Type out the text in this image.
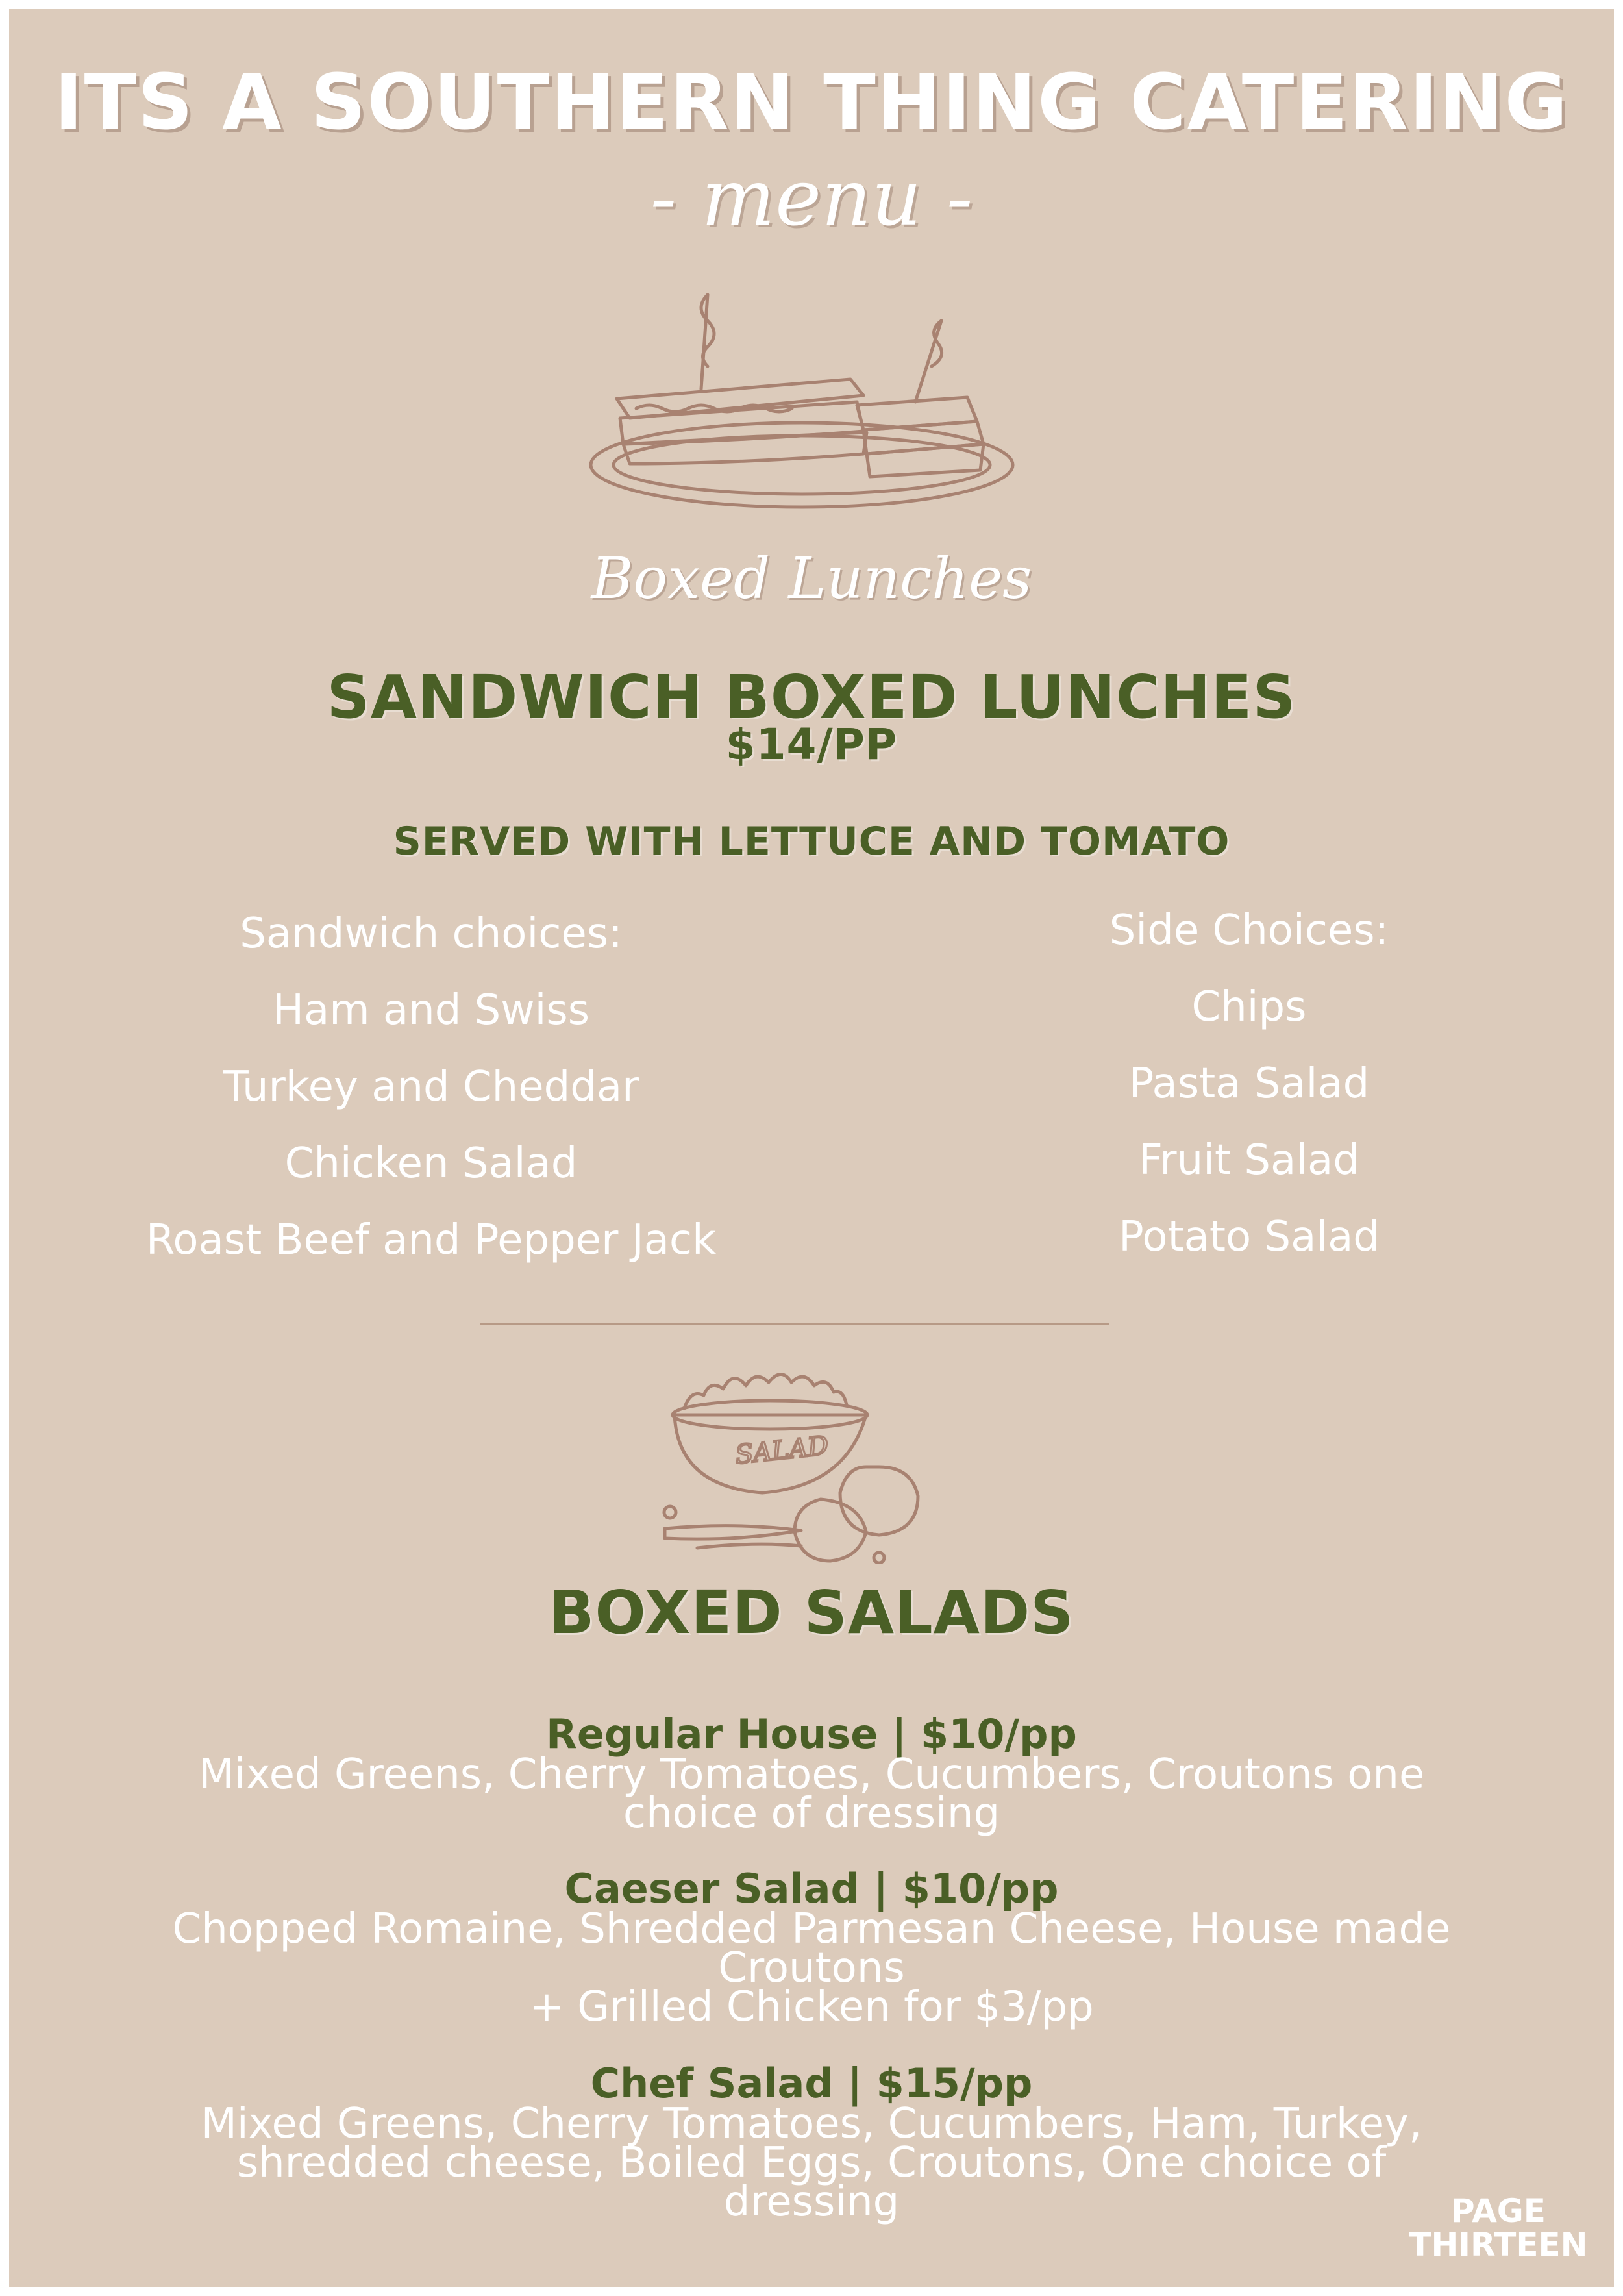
ITS A SOUTHERN THING CATERING
- menu -
Boxed Lunches
SANDWICH BOXED LUNCHES
$14/PP
SERVED WITH LETTUCE AND TOMATO
Sandwich choices:
Ham and Swiss
Turkey and Cheddar
Chicken Salad
Roast Beef and Pepper Jack
Side Choices:
Chips
Pasta Salad
Fruit Salad
Potato Salad
SALAD
BOXED SALADS
Regular House | $10/pp
Mixed Greens, Cherry Tomatoes, Cucumbers, Croutons one
choice of dressing
Caeser Salad | $10/pp
Chopped Romaine, Shredded Parmesan Cheese, House made
Croutons
+ Grilled Chicken for $3/pp
Chef Salad | $15/pp
Mixed Greens, Cherry Tomatoes, Cucumbers, Ham, Turkey,
shredded cheese, Boiled Eggs, Croutons, One choice of
dressing	PAGE
THIRTEEN
